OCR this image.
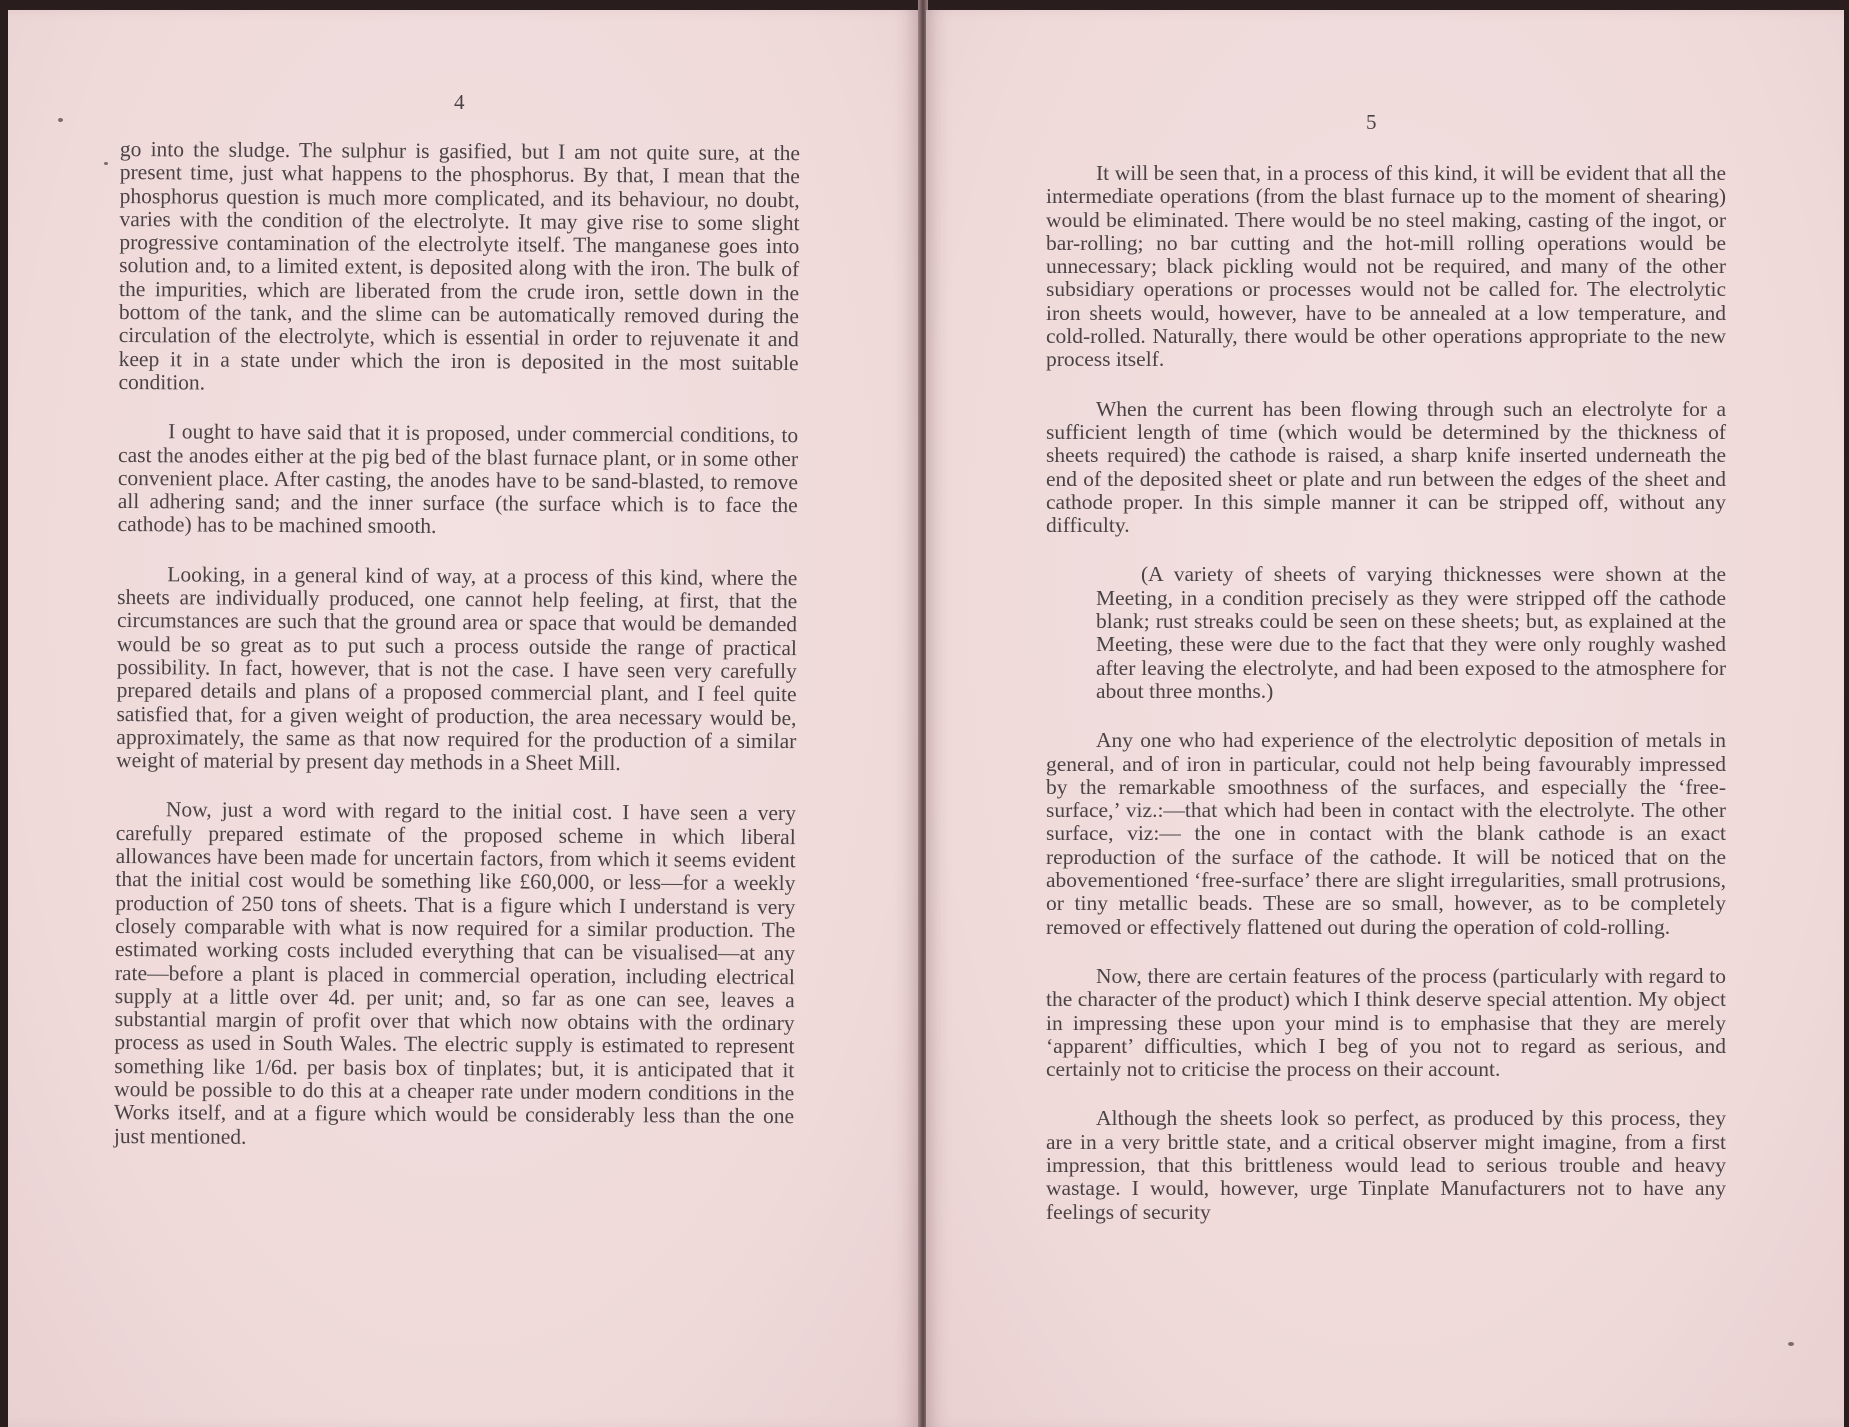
4

go into the sludge. The sulphur is gasified, but I am not quite sure, at the present time, just what happens to the phosphorus. By that, I mean that the phosphorus question is much more complicated, and its behaviour, no doubt, varies with the condition of the electrolyte. It may give rise to some slight progressive contamination of the electrolyte itself. The manganese goes into solution and, to a limited extent, is deposited along with the iron. The bulk of the impurities, which are liberated from the crude iron, settle down in the bottom of the tank, and the slime can be automatically removed during the circulation of the electrolyte, which is essential in order to rejuvenate it and keep it in a state under which the iron is deposited in the most suitable condition.

I ought to have said that it is proposed, under commercial conditions, to cast the anodes either at the pig bed of the blast furnace plant, or in some other convenient place. After casting, the anodes have to be sand-blasted, to remove all adhering sand; and the inner surface (the surface which is to face the cathode) has to be machined smooth.

Looking, in a general kind of way, at a process of this kind, where the sheets are individually produced, one cannot help feeling, at first, that the circumstances are such that the ground area or space that would be demanded would be so great as to put such a process outside the range of practical possibility. In fact, however, that is not the case. I have seen very carefully prepared details and plans of a proposed commercial plant, and I feel quite satisfied that, for a given weight of production, the area necessary would be, approximately, the same as that now required for the production of a similar weight of material by present day methods in a Sheet Mill.

Now, just a word with regard to the initial cost. I have seen a very carefully prepared estimate of the proposed scheme in which liberal allowances have been made for uncertain factors, from which it seems evident that the initial cost would be something like £60,000, or less—for a weekly production of 250 tons of sheets. That is a figure which I understand is very closely comparable with what is now required for a similar production. The estimated working costs included everything that can be visualised—at any rate—before a plant is placed in commercial operation, including electrical supply at a little over 4d. per unit; and, so far as one can see, leaves a substantial margin of profit over that which now obtains with the ordinary process as used in South Wales. The electric supply is estimated to represent something like 1/6d. per basis box of tinplates; but, it is anticipated that it would be possible to do this at a cheaper rate under modern conditions in the Works itself, and at a figure which would be considerably less than the one just mentioned.

5

It will be seen that, in a process of this kind, it will be evident that all the intermediate operations (from the blast furnace up to the moment of shearing) would be eliminated. There would be no steel making, casting of the ingot, or bar-rolling; no bar cutting and the hot-mill rolling operations would be unnecessary; black pickling would not be required, and many of the other subsidiary operations or processes would not be called for. The electrolytic iron sheets would, however, have to be annealed at a low temperature, and cold-rolled. Naturally, there would be other operations appropriate to the new process itself.

When the current has been flowing through such an electrolyte for a sufficient length of time (which would be determined by the thickness of sheets required) the cathode is raised, a sharp knife inserted underneath the end of the deposited sheet or plate and run between the edges of the sheet and cathode proper. In this simple manner it can be stripped off, without any difficulty.

(A variety of sheets of varying thicknesses were shown at the Meeting, in a condition precisely as they were stripped off the cathode blank; rust streaks could be seen on these sheets; but, as explained at the Meeting, these were due to the fact that they were only roughly washed after leaving the electrolyte, and had been exposed to the atmosphere for about three months.)

Any one who had experience of the electrolytic deposition of metals in general, and of iron in particular, could not help being favourably impressed by the remarkable smoothness of the surfaces, and especially the ‘free-surface,’ viz.:—that which had been in contact with the electrolyte. The other surface, viz:— the one in contact with the blank cathode is an exact reproduction of the surface of the cathode. It will be noticed that on the abovementioned ‘free-surface’ there are slight irregularities, small protrusions, or tiny metallic beads. These are so small, however, as to be completely removed or effectively flattened out during the operation of cold-rolling.

Now, there are certain features of the process (particularly with regard to the character of the product) which I think deserve special attention. My object in impressing these upon your mind is to emphasise that they are merely ‘apparent’ difficulties, which I beg of you not to regard as serious, and certainly not to criticise the process on their account.

Although the sheets look so perfect, as produced by this process, they are in a very brittle state, and a critical observer might imagine, from a first impression, that this brittleness would lead to serious trouble and heavy wastage. I would, however, urge Tinplate Manufacturers not to have any feelings of security
